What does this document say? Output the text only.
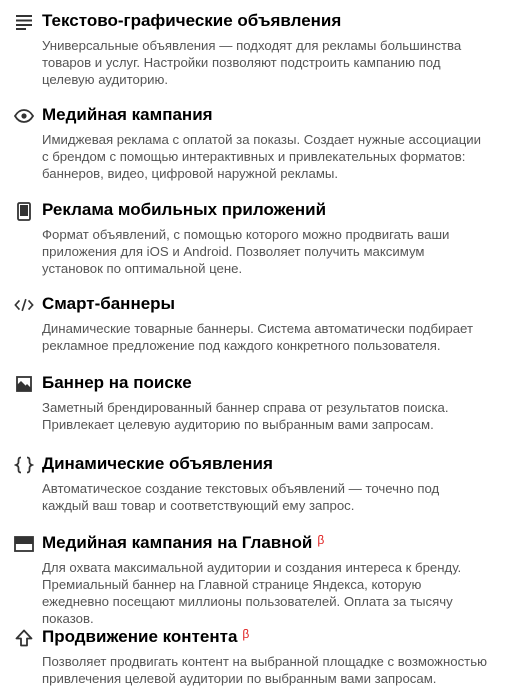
Текстово-графические объявления
Универсальные объявления — подходят для рекламы большинства товаров и услуг. Настройки позволяют подстроить кампанию под целевую аудиторию.
Медийная кампания
Имиджевая реклама с оплатой за показы. Создает нужные ассоциации с брендом с помощью интерактивных и привлекательных форматов: баннеров, видео, цифровой наружной рекламы.
Реклама мобильных приложений
Формат объявлений, с помощью которого можно продвигать ваши приложения для iOS и Android. Позволяет получить максимум установок по оптимальной цене.
Смарт-баннеры
Динамические товарные баннеры. Система автоматически подбирает рекламное предложение под каждого конкретного пользователя.
Баннер на поиске
Заметный брендированный баннер справа от результатов поиска. Привлекает целевую аудиторию по выбранным вами запросам.
Динамические объявления
Автоматическое создание текстовых объявлений — точечно под каждый ваш товар и соответствующий ему запрос.
Медийная кампания на Главной $^\beta$
Для охвата максимальной аудитории и создания интереса к бренду. Премиальный баннер на Главной странице Яндекса, которую ежедневно посещают миллионы пользователей. Оплата за тысячу показов.
Продвижение контента $^\beta$
Позволяет продвигать контент на выбранной площадке с возможностью привлечения целевой аудитории по выбранным вами запросам.
